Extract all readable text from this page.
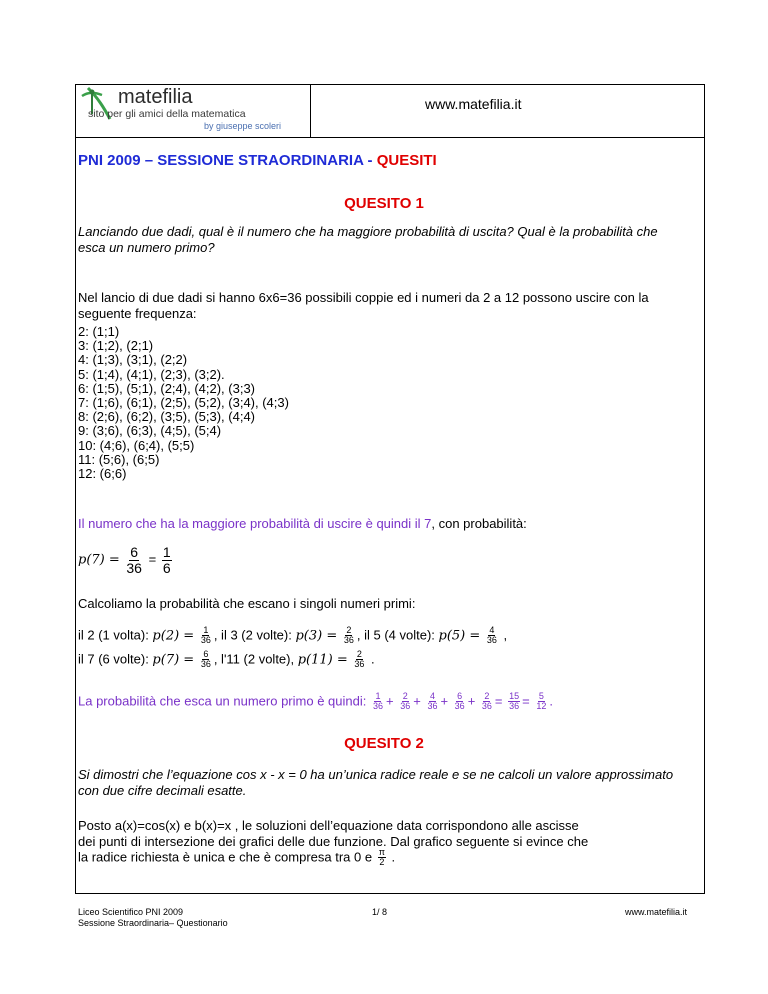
matefilia
sito per gli amici della matematica
by giuseppe scoleri
www.matefilia.it
PNI 2009 – SESSIONE STRAORDINARIA - QUESITI
QUESITO 1
Lanciando due dadi, qual è il numero che ha maggiore probabilità di uscita? Qual è la probabilità che esca un numero primo?
Nel lancio di due dadi si hanno 6x6=36 possibili coppie ed i numeri da 2 a 12 possono uscire con la seguente frequenza:
2: (1;1)
3: (1;2), (2;1)
4: (1;3), (3;1), (2;2)
5: (1;4), (4;1), (2;3), (3;2).
6: (1;5), (5;1), (2;4), (4;2), (3;3)
7: (1;6), (6;1), (2;5), (5;2), (3;4), (4;3)
8: (2;6), (6;2), (3;5), (5;3), (4;4)
9: (3;6), (6;3), (4;5), (5;4)
10: (4;6), (6;4), (5;5)
11: (5;6), (6;5)
12: (6;6)
Il numero che ha la maggiore probabilità di uscire è quindi il 7, con probabilità:
$p(7) = \frac{6}{36} = \frac{1}{6}$
Calcoliamo la probabilità che escano i singoli numeri primi:
il 2 (1 volta): $p(2) = \frac{1}{36}$ , il 3 (2 volte): $p(3) = \frac{2}{36}$ , il 5 (4 volte): $p(5) = \frac{4}{36}$ ,
il 7 (6 volte): $p(7) = \frac{6}{36}$ , l'11 (2 volte), $p(11) = \frac{2}{36}$ .
La probabilità che esca un numero primo è quindi: $\frac{1}{36} + \frac{2}{36} + \frac{4}{36} + \frac{6}{36} + \frac{2}{36} = \frac{15}{36} = \frac{5}{12}$ .
QUESITO 2
Si dimostri che l’equazione cos x - x = 0 ha un’unica radice reale e se ne calcoli un valore approssimato con due cifre decimali esatte.
Posto a(x)=cos(x) e b(x)=x , le soluzioni dell’equazione data corrispondono alle ascisse
dei punti di intersezione dei grafici delle due funzione. Dal grafico seguente si evince che
la radice richiesta è unica e che è compresa tra 0 e $\frac{\pi}{2}$ .
Liceo Scientifico PNI 2009
Sessione Straordinaria– Questionario
1/ 8	www.matefilia.it
